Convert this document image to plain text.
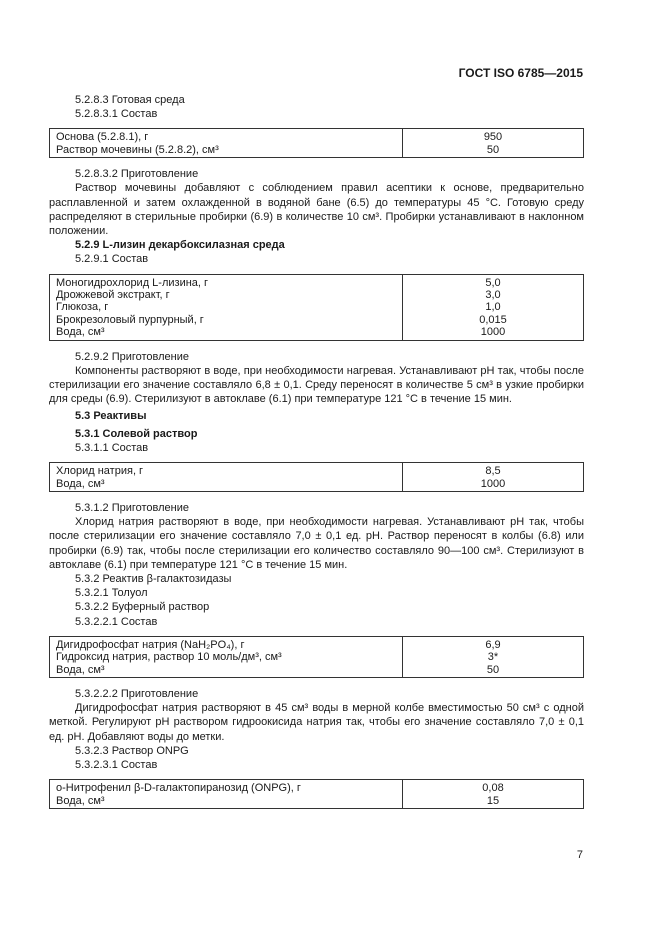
ГОСТ ISO 6785—2015

5.2.8.3 Готовая среда

5.2.8.3.1 Состав

Основа (5.2.8.1), г	950
Раствор мочевины (5.2.8.2), см³	50

5.2.8.3.2 Приготовление

Раствор мочевины добавляют с соблюдением правил асептики к основе, предварительно расплавленной и затем охлажденной в водяной бане (6.5) до температуры 45 °С. Готовую среду распределяют в стерильные пробирки (6.9) в количестве 10 см³. Пробирки устанавливают в наклонном положении.

5.2.9 L-лизин декарбоксилазная среда

5.2.9.1 Состав

Моногидрохлорид L-лизина, г	5,0
Дрожжевой экстракт, г	3,0
Глюкоза, г	1,0
Брокрезоловый пурпурный, г	0,015
Вода, см³	1000

5.2.9.2 Приготовление

Компоненты растворяют в воде, при необходимости нагревая. Устанавливают pH так, чтобы после стерилизации его значение составляло 6,8 ± 0,1. Среду переносят в количестве 5 см³ в узкие пробирки для среды (6.9). Стерилизуют в автоклаве (6.1) при температуре 121 °С в течение 15 мин.

5.3 Реактивы

5.3.1 Солевой раствор

5.3.1.1 Состав

Хлорид натрия, г	8,5
Вода, см³	1000

5.3.1.2 Приготовление

Хлорид натрия растворяют в воде, при необходимости нагревая. Устанавливают pH так, чтобы после стерилизации его значение составляло 7,0 ± 0,1 ед. pH. Раствор переносят в колбы (6.8) или пробирки (6.9) так, чтобы после стерилизации его количество составляло 90—100 см³. Стерилизуют в автоклаве (6.1) при температуре 121 °С в течение 15 мин.

5.3.2 Реактив β-галактозидазы

5.3.2.1 Толуол

5.3.2.2 Буферный раствор

5.3.2.2.1 Состав

Дигидрофосфат натрия (NaH₂PO₄), г	6,9
Гидроксид натрия, раствор 10 моль/дм³, см³	3*
Вода, см³	50

5.3.2.2.2 Приготовление

Дигидрофосфат натрия растворяют в 45 см³ воды в мерной колбе вместимостью 50 см³ с одной меткой. Регулируют pH раствором гидроокисида натрия так, чтобы его значение составляло 7,0 ± 0,1 ед. pH. Добавляют воды до метки.

5.3.2.3 Раствор ONPG

5.3.2.3.1 Состав

o-Нитрофенил β-D-галактопиранозид (ONPG), г	0,08
Вода, см³	15
7
